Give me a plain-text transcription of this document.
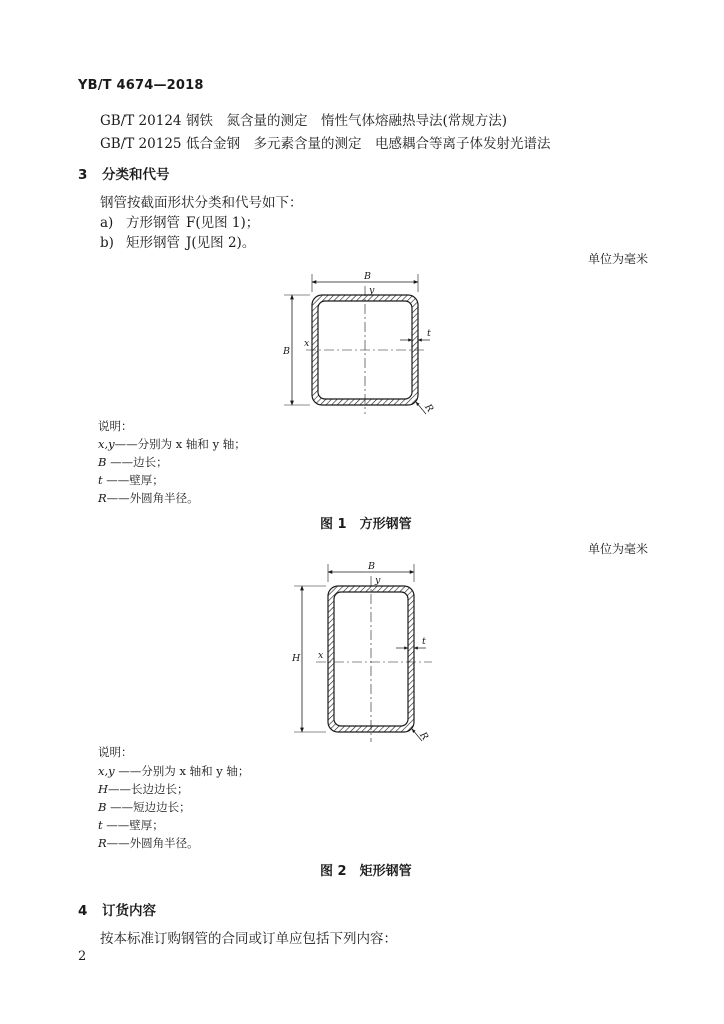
YB/T 4674—2018
GB/T 20124 钢铁　氮含量的测定　惰性气体熔融热导法(常规方法)
GB/T 20125 低合金钢　多元素含量的测定　电感耦合等离子体发射光谱法
3 分类和代号
钢管按截面形状分类和代号如下：
a) 方形钢管 F(见图 1)；
b) 矩形钢管 J(见图 2)。
单位为毫米
B
B
y
x
t
R
说明：
x,y——分别为 x 轴和 y 轴；
B ——边长；
t ——壁厚；
R——外圆角半径。
图 1　方形钢管
单位为毫米
B
H
y
x
t
R
说明：
x,y ——分别为 x 轴和 y 轴；
H——长边边长；
B ——短边边长；
t ——壁厚；
R——外圆角半径。
图 2　矩形钢管
4 订货内容
按本标准订购钢管的合同或订单应包括下列内容：
2
